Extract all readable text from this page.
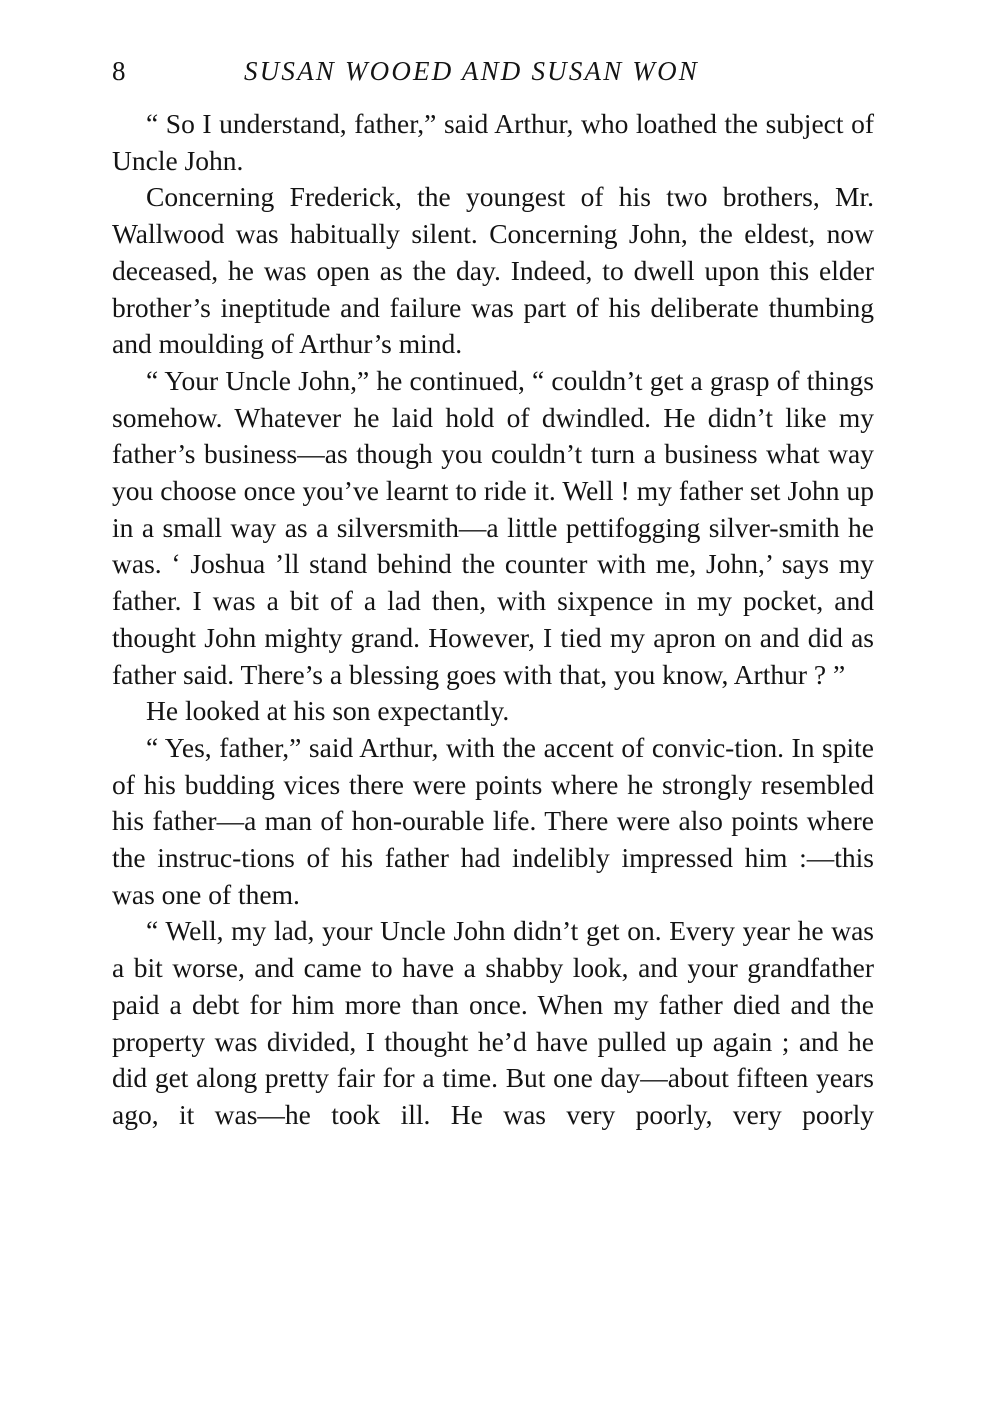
8	SUSAN WOOED AND SUSAN WON

“ So I understand, father,” said Arthur, who loathed the subject of Uncle John.

Concerning Frederick, the youngest of his two brothers, Mr. Wallwood was habitually silent. Concerning John, the eldest, now deceased, he was open as the day. Indeed, to dwell upon this elder brother’s ineptitude and failure was part of his deliberate thumbing and moulding of Arthur’s mind.

“ Your Uncle John,” he continued, “ couldn’t get a grasp of things somehow. Whatever he laid hold of dwindled. He didn’t like my father’s business—as though you couldn’t turn a business what way you choose once you’ve learnt to ride it. Well ! my father set John up in a small way as a silversmith—a little pettifogging silver-smith he was. ‘ Joshua ’ll stand behind the counter with me, John,’ says my father. I was a bit of a lad then, with sixpence in my pocket, and thought John mighty grand. However, I tied my apron on and did as father said. There’s a blessing goes with that, you know, Arthur ? ”

He looked at his son expectantly.

“ Yes, father,” said Arthur, with the accent of convic-tion. In spite of his budding vices there were points where he strongly resembled his father—a man of hon-ourable life. There were also points where the instruc-tions of his father had indelibly impressed him :—this was one of them.

“ Well, my lad, your Uncle John didn’t get on. Every year he was a bit worse, and came to have a shabby look, and your grandfather paid a debt for him more than once. When my father died and the property was divided, I thought he’d have pulled up again ; and he did get along pretty fair for a time. But one day—about fifteen years ago, it was—he took ill. He was very poorly, very poorly
